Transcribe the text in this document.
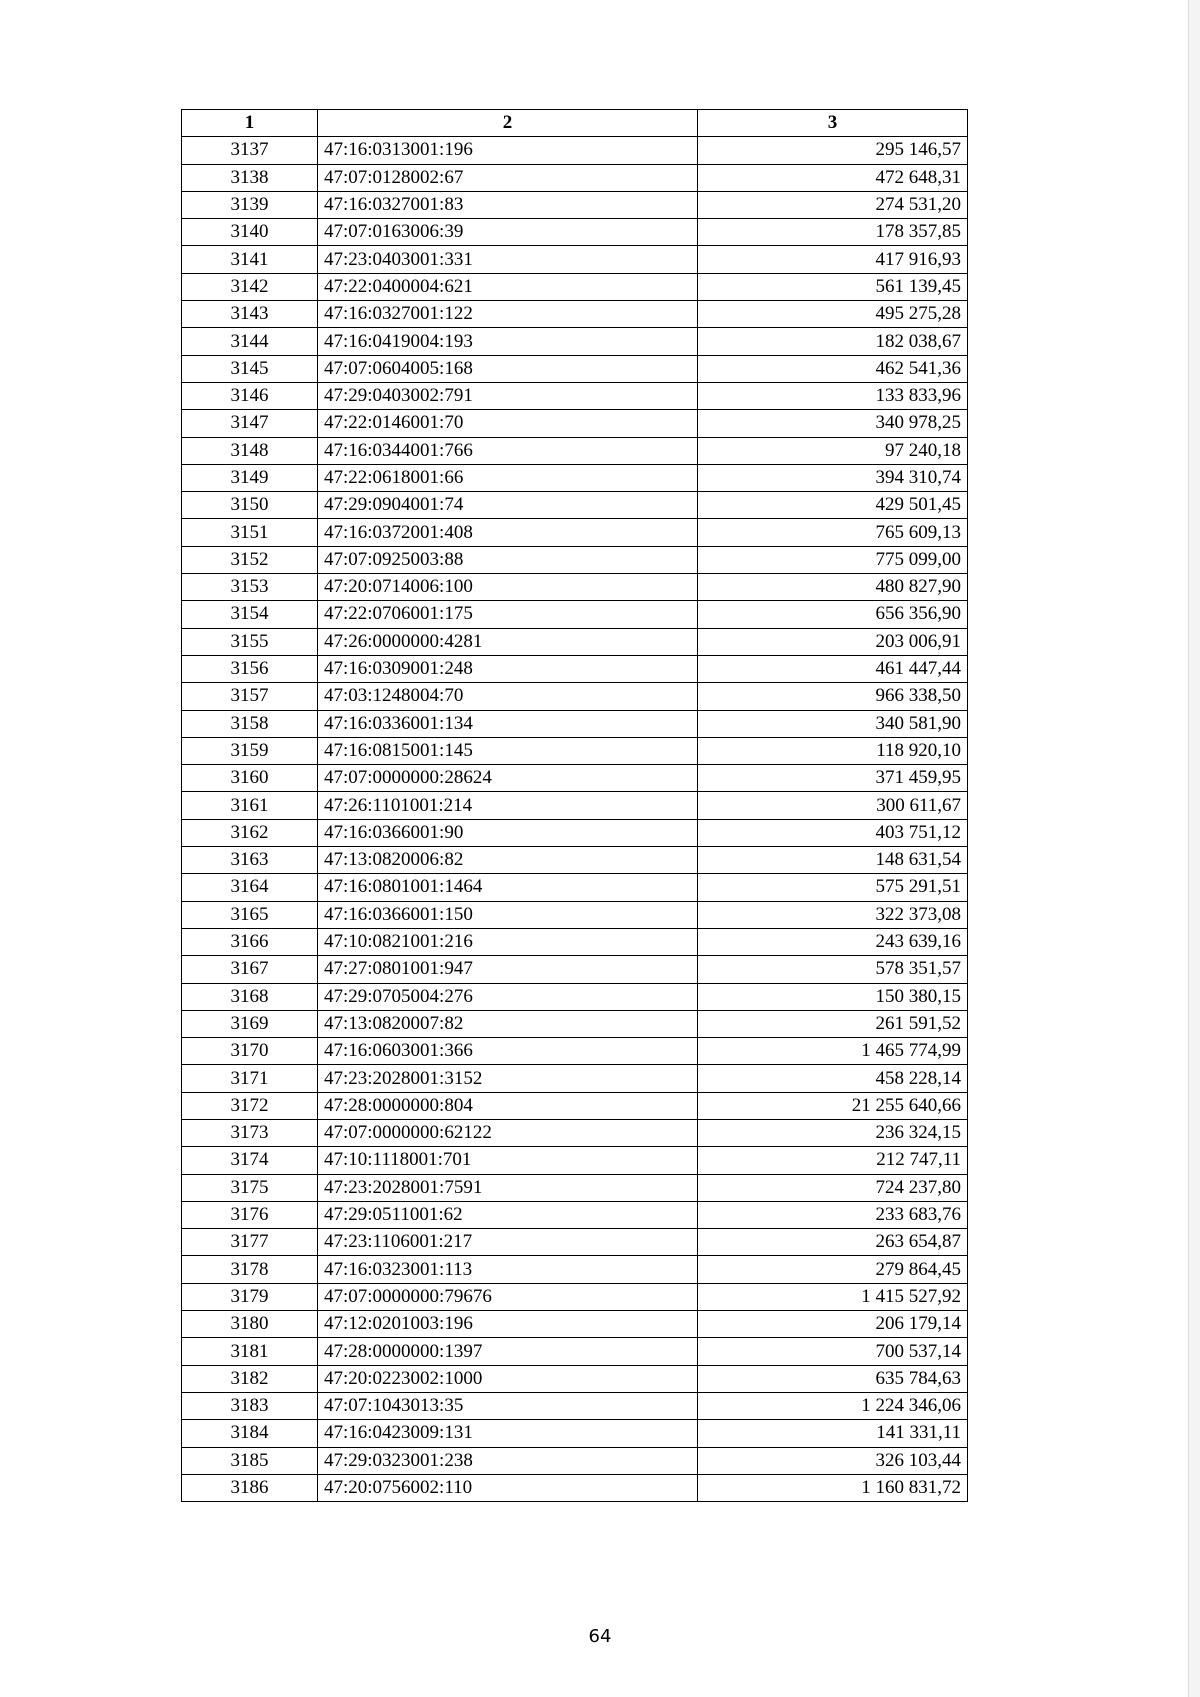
1	2	3
3137	47:16:0313001:196	295 146,57
3138	47:07:0128002:67	472 648,31
3139	47:16:0327001:83	274 531,20
3140	47:07:0163006:39	178 357,85
3141	47:23:0403001:331	417 916,93
3142	47:22:0400004:621	561 139,45
3143	47:16:0327001:122	495 275,28
3144	47:16:0419004:193	182 038,67
3145	47:07:0604005:168	462 541,36
3146	47:29:0403002:791	133 833,96
3147	47:22:0146001:70	340 978,25
3148	47:16:0344001:766	97 240,18
3149	47:22:0618001:66	394 310,74
3150	47:29:0904001:74	429 501,45
3151	47:16:0372001:408	765 609,13
3152	47:07:0925003:88	775 099,00
3153	47:20:0714006:100	480 827,90
3154	47:22:0706001:175	656 356,90
3155	47:26:0000000:4281	203 006,91
3156	47:16:0309001:248	461 447,44
3157	47:03:1248004:70	966 338,50
3158	47:16:0336001:134	340 581,90
3159	47:16:0815001:145	118 920,10
3160	47:07:0000000:28624	371 459,95
3161	47:26:1101001:214	300 611,67
3162	47:16:0366001:90	403 751,12
3163	47:13:0820006:82	148 631,54
3164	47:16:0801001:1464	575 291,51
3165	47:16:0366001:150	322 373,08
3166	47:10:0821001:216	243 639,16
3167	47:27:0801001:947	578 351,57
3168	47:29:0705004:276	150 380,15
3169	47:13:0820007:82	261 591,52
3170	47:16:0603001:366	1 465 774,99
3171	47:23:2028001:3152	458 228,14
3172	47:28:0000000:804	21 255 640,66
3173	47:07:0000000:62122	236 324,15
3174	47:10:1118001:701	212 747,11
3175	47:23:2028001:7591	724 237,80
3176	47:29:0511001:62	233 683,76
3177	47:23:1106001:217	263 654,87
3178	47:16:0323001:113	279 864,45
3179	47:07:0000000:79676	1 415 527,92
3180	47:12:0201003:196	206 179,14
3181	47:28:0000000:1397	700 537,14
3182	47:20:0223002:1000	635 784,63
3183	47:07:1043013:35	1 224 346,06
3184	47:16:0423009:131	141 331,11
3185	47:29:0323001:238	326 103,44
3186	47:20:0756002:110	1 160 831,72
64
